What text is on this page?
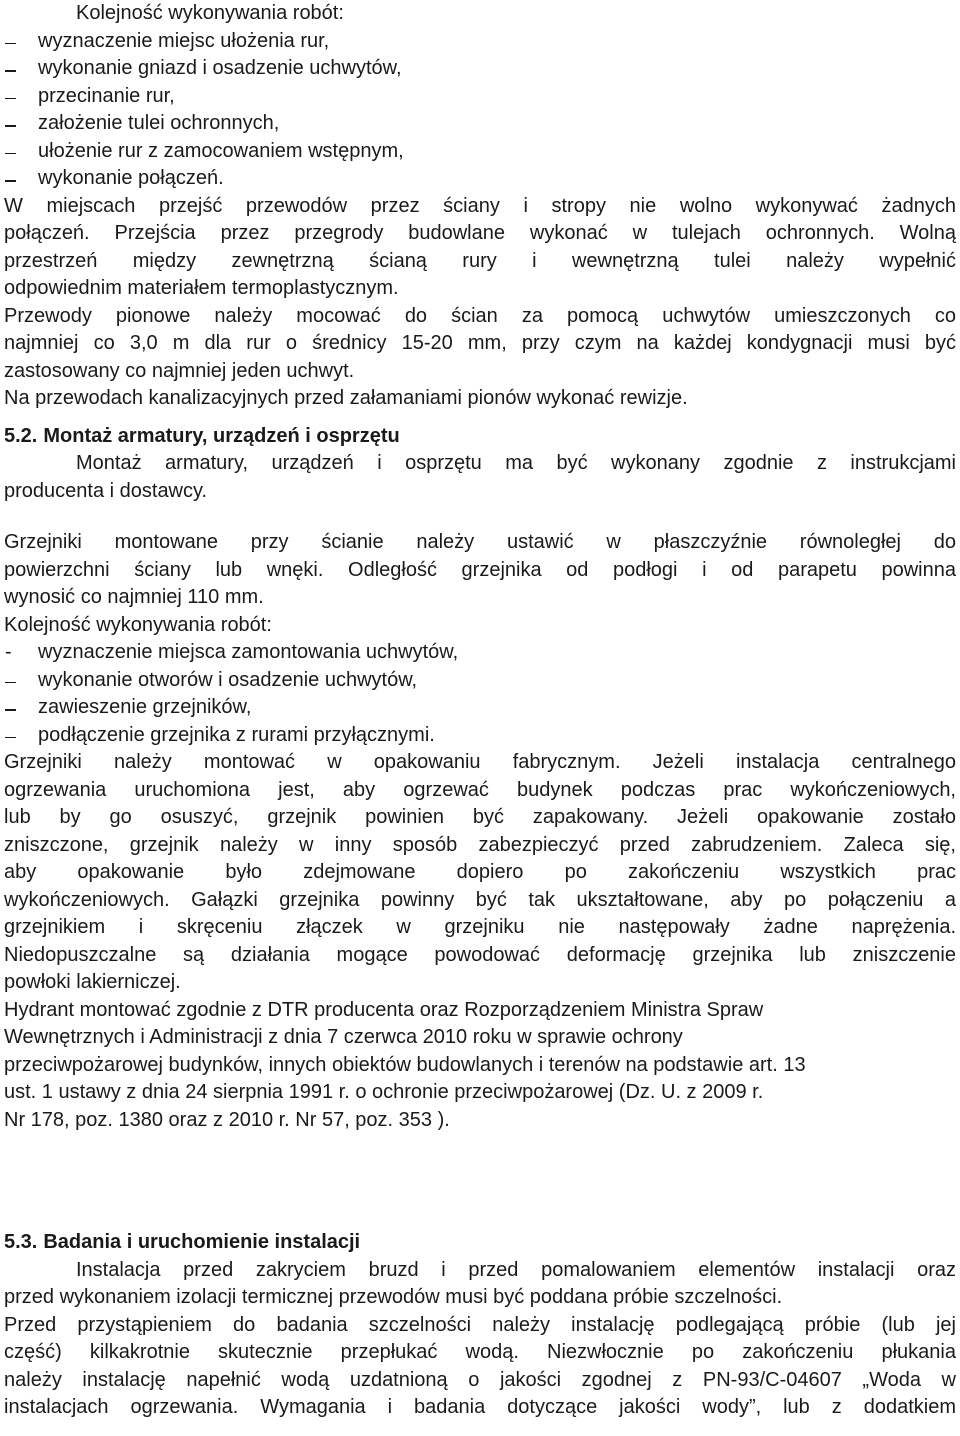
Kolejność wykonywania robót:
wyznaczenie miejsc ułożenia rur,
wykonanie gniazd i osadzenie uchwytów,
przecinanie rur,
założenie tulei ochronnych,
ułożenie rur z zamocowaniem wstępnym,
wykonanie połączeń.
W miejscach przejść przewodów przez ściany i stropy nie wolno wykonywać żadnych
połączeń. Przejścia przez przegrody budowlane wykonać w tulejach ochronnych. Wolną
przestrzeń między zewnętrzną ścianą rury i wewnętrzną tulei należy wypełnić
odpowiednim materiałem termoplastycznym.
Przewody pionowe należy mocować do ścian za pomocą uchwytów umieszczonych co
najmniej co 3,0 m dla rur o średnicy 15-20 mm, przy czym na każdej kondygnacji musi być
zastosowany co najmniej jeden uchwyt.
Na przewodach kanalizacyjnych przed załamaniami pionów wykonać rewizje.
5.2. Montaż armatury, urządzeń i osprzętu
Montaż armatury, urządzeń i osprzętu ma być wykonany zgodnie z instrukcjami
producenta i dostawcy.
Grzejniki montowane przy ścianie należy ustawić w płaszczyźnie równoległej do
powierzchni ściany lub wnęki. Odległość grzejnika od podłogi i od parapetu powinna
wynosić co najmniej 110 mm.
Kolejność wykonywania robót:
- wyznaczenie miejsca zamontowania uchwytów,
wykonanie otworów i osadzenie uchwytów,
zawieszenie grzejników,
podłączenie grzejnika z rurami przyłącznymi.
Grzejniki należy montować w opakowaniu fabrycznym. Jeżeli instalacja centralnego
ogrzewania uruchomiona jest, aby ogrzewać budynek podczas prac wykończeniowych,
lub by go osuszyć, grzejnik powinien być zapakowany. Jeżeli opakowanie zostało
zniszczone, grzejnik należy w inny sposób zabezpieczyć przed zabrudzeniem. Zaleca się,
aby opakowanie było zdejmowane dopiero po zakończeniu wszystkich prac
wykończeniowych. Gałązki grzejnika powinny być tak ukształtowane, aby po połączeniu a
grzejnikiem i skręceniu złączek w grzejniku nie następowały żadne naprężenia.
Niedopuszczalne są działania mogące powodować deformację grzejnika lub zniszczenie
powłoki lakierniczej.
Hydrant montować zgodnie z DTR producenta oraz Rozporządzeniem Ministra Spraw
Wewnętrznych i Administracji z dnia 7 czerwca 2010 roku w sprawie ochrony
przeciwpożarowej budynków, innych obiektów budowlanych i terenów na podstawie art. 13
ust. 1 ustawy z dnia 24 sierpnia 1991 r. o ochronie przeciwpożarowej (Dz. U. z 2009 r.
Nr 178, poz. 1380 oraz z 2010 r. Nr 57, poz. 353 ).
5.3. Badania i uruchomienie instalacji
Instalacja przed zakryciem bruzd i przed pomalowaniem elementów instalacji oraz
przed wykonaniem izolacji termicznej przewodów musi być poddana próbie szczelności.
Przed przystąpieniem do badania szczelności należy instalację podlegającą próbie (lub jej
część) kilkakrotnie skutecznie przepłukać wodą. Niezwłocznie po zakończeniu płukania
należy instalację napełnić wodą uzdatnioną o jakości zgodnej z PN-93/C-04607 „Woda w
instalacjach ogrzewania. Wymagania i badania dotyczące jakości wody”, lub z dodatkiem
